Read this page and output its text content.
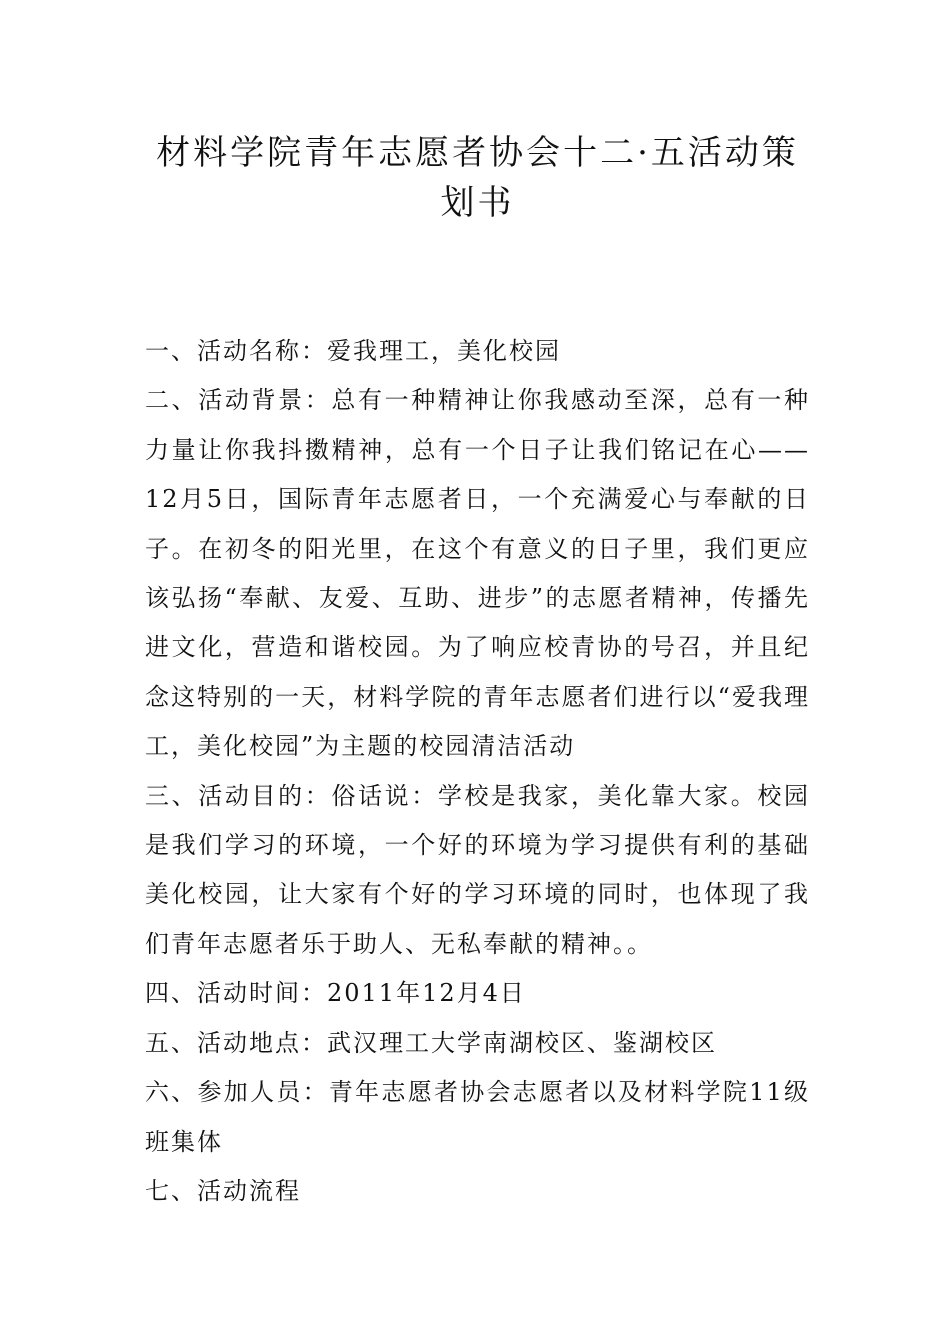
材料学院青年志愿者协会十二·五活动策划书

一、活动名称：爱我理工，美化校园

二、活动背景：总有一种精神让你我感动至深，总有一种力量让你我抖擞精神，总有一个日子让我们铭记在心——12月5日，国际青年志愿者日，一个充满爱心与奉献的日子。在初冬的阳光里，在这个有意义的日子里，我们更应该弘扬“奉献、友爱、互助、进步”的志愿者精神，传播先进文化，营造和谐校园。为了响应校青协的号召，并且纪念这特别的一天，材料学院的青年志愿者们进行以“爱我理工，美化校园”为主题的校园清洁活动

三、活动目的：俗话说：学校是我家，美化靠大家。校园是我们学习的环境，一个好的环境为学习提供有利的基础美化校园，让大家有个好的学习环境的同时，也体现了我们青年志愿者乐于助人、无私奉献的精神。。

四、活动时间：2011年12月4日

五、活动地点：武汉理工大学南湖校区、鉴湖校区

六、参加人员：青年志愿者协会志愿者以及材料学院11级班集体

七、活动流程
